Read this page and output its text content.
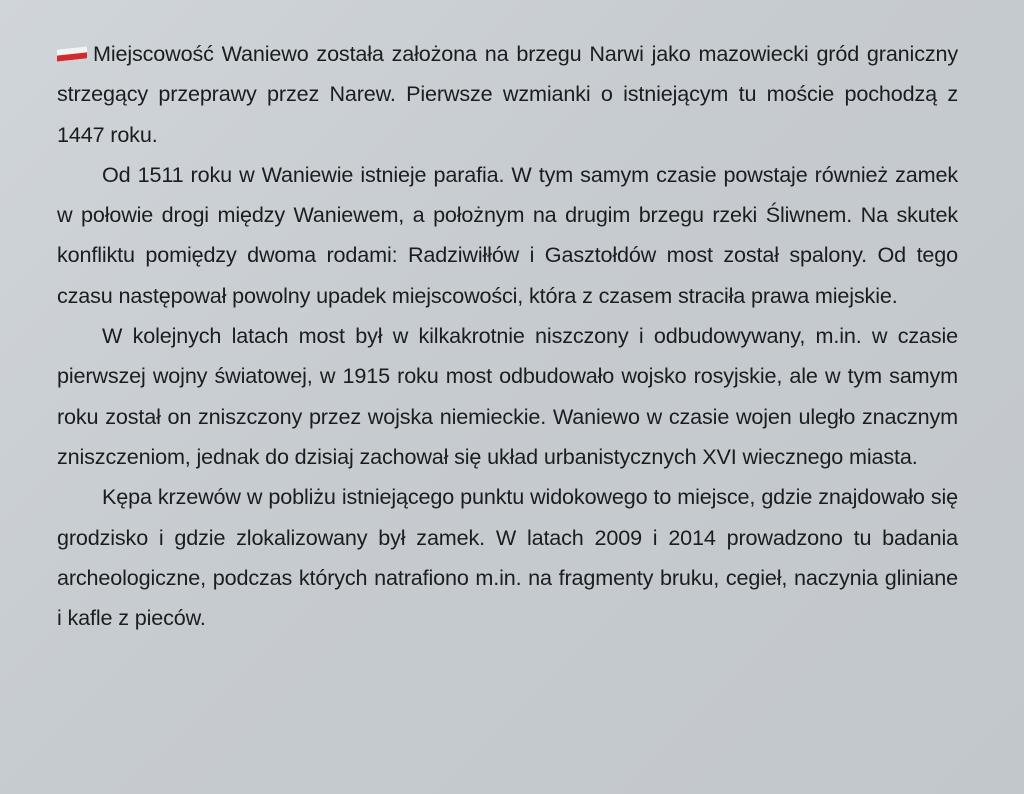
Miejscowość Waniewo została założona na brzegu Narwi jako mazowiecki gród graniczny strzegący przeprawy przez Narew. Pierwsze wzmianki o istniejącym tu moście pochodzą z 1447 roku.

Od 1511 roku w Waniewie istnieje parafia. W tym samym czasie powstaje również zamek w połowie drogi między Waniewem, a położnym na drugim brzegu rzeki Śliwnem. Na skutek konfliktu pomiędzy dwoma rodami: Radziwiłłów i Gasztołdów most został spalony. Od tego czasu następował powolny upadek miejscowości, która z czasem straciła prawa miejskie.

W kolejnych latach most był w kilkakrotnie niszczony i odbudowywany, m.in. w czasie pierwszej wojny światowej, w 1915 roku most odbudowało wojsko rosyjskie, ale w tym samym roku został on zniszczony przez wojska niemieckie. Waniewo w czasie wojen uległo znacznym zniszczeniom, jednak do dzisiaj zachował się układ urbanistycznych XVI wiecznego miasta.

Kępa krzewów w pobliżu istniejącego punktu widokowego to miejsce, gdzie znajdowało się grodzisko i gdzie zlokalizowany był zamek. W latach 2009 i 2014 prowadzono tu badania archeologiczne, podczas których natrafiono m.in. na fragmenty bruku, cegieł, naczynia gliniane i kafle z pieców.
